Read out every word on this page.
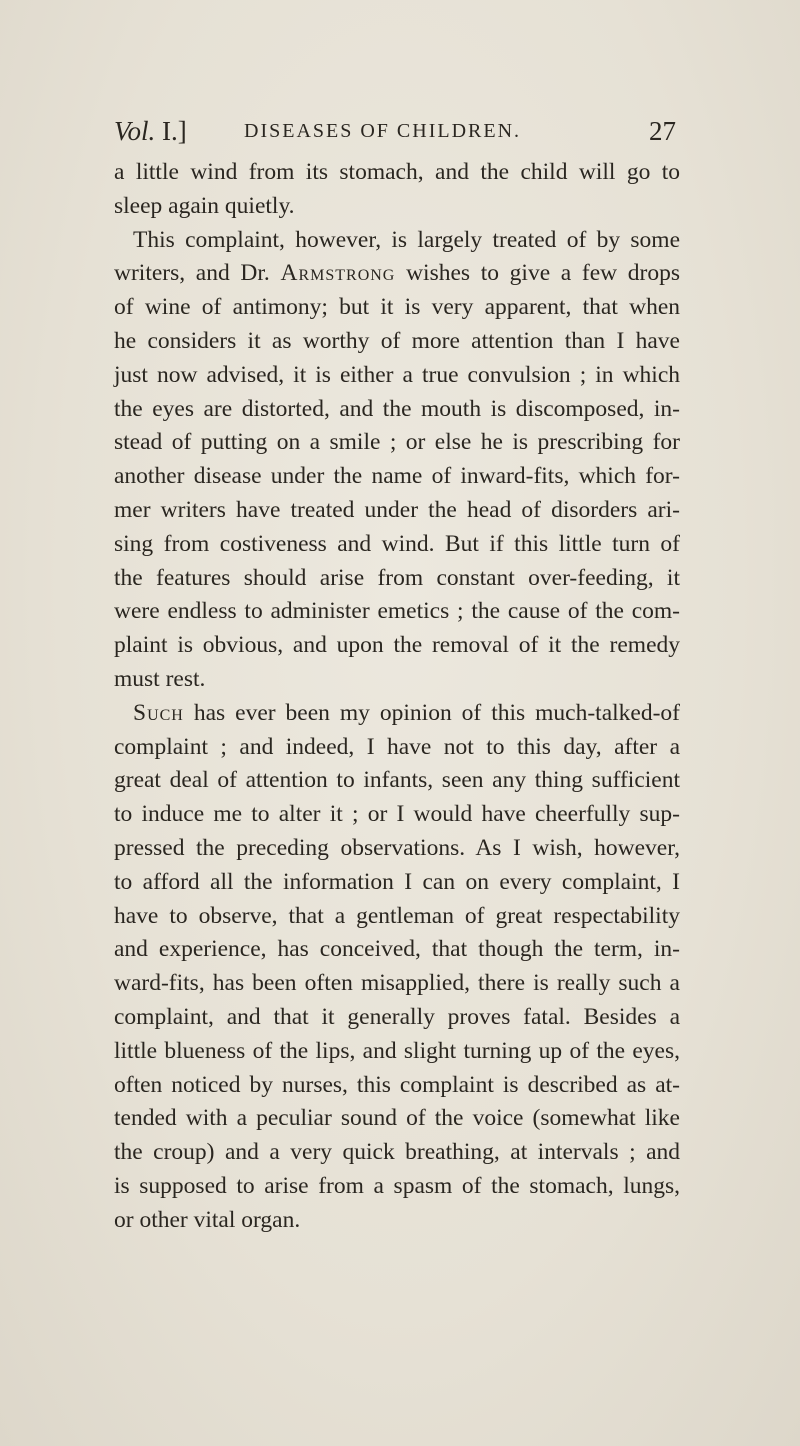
Vol. I.]	DISEASES OF CHILDREN.	27
a little wind from its stomach, and the child will go to
sleep again quietly.
This complaint, however, is largely treated of by some
writers, and Dr. Armstrong wishes to give a few drops
of wine of antimony; but it is very apparent, that when
he considers it as worthy of more attention than I have
just now advised, it is either a true convulsion ; in which
the eyes are distorted, and the mouth is discomposed, in-
stead of putting on a smile ; or else he is prescribing for
another disease under the name of inward-fits, which for-
mer writers have treated under the head of disorders ari-
sing from costiveness and wind. But if this little turn of
the features should arise from constant over-feeding, it
were endless to administer emetics ; the cause of the com-
plaint is obvious, and upon the removal of it the remedy
must rest.
Such has ever been my opinion of this much-talked-of
complaint ; and indeed, I have not to this day, after a
great deal of attention to infants, seen any thing sufficient
to induce me to alter it ; or I would have cheerfully sup-
pressed the preceding observations. As I wish, however,
to afford all the information I can on every complaint, I
have to observe, that a gentleman of great respectability
and experience, has conceived, that though the term, in-
ward-fits, has been often misapplied, there is really such a
complaint, and that it generally proves fatal. Besides a
little blueness of the lips, and slight turning up of the eyes,
often noticed by nurses, this complaint is described as at-
tended with a peculiar sound of the voice (somewhat like
the croup) and a very quick breathing, at intervals ; and
is supposed to arise from a spasm of the stomach, lungs,
or other vital organ.
